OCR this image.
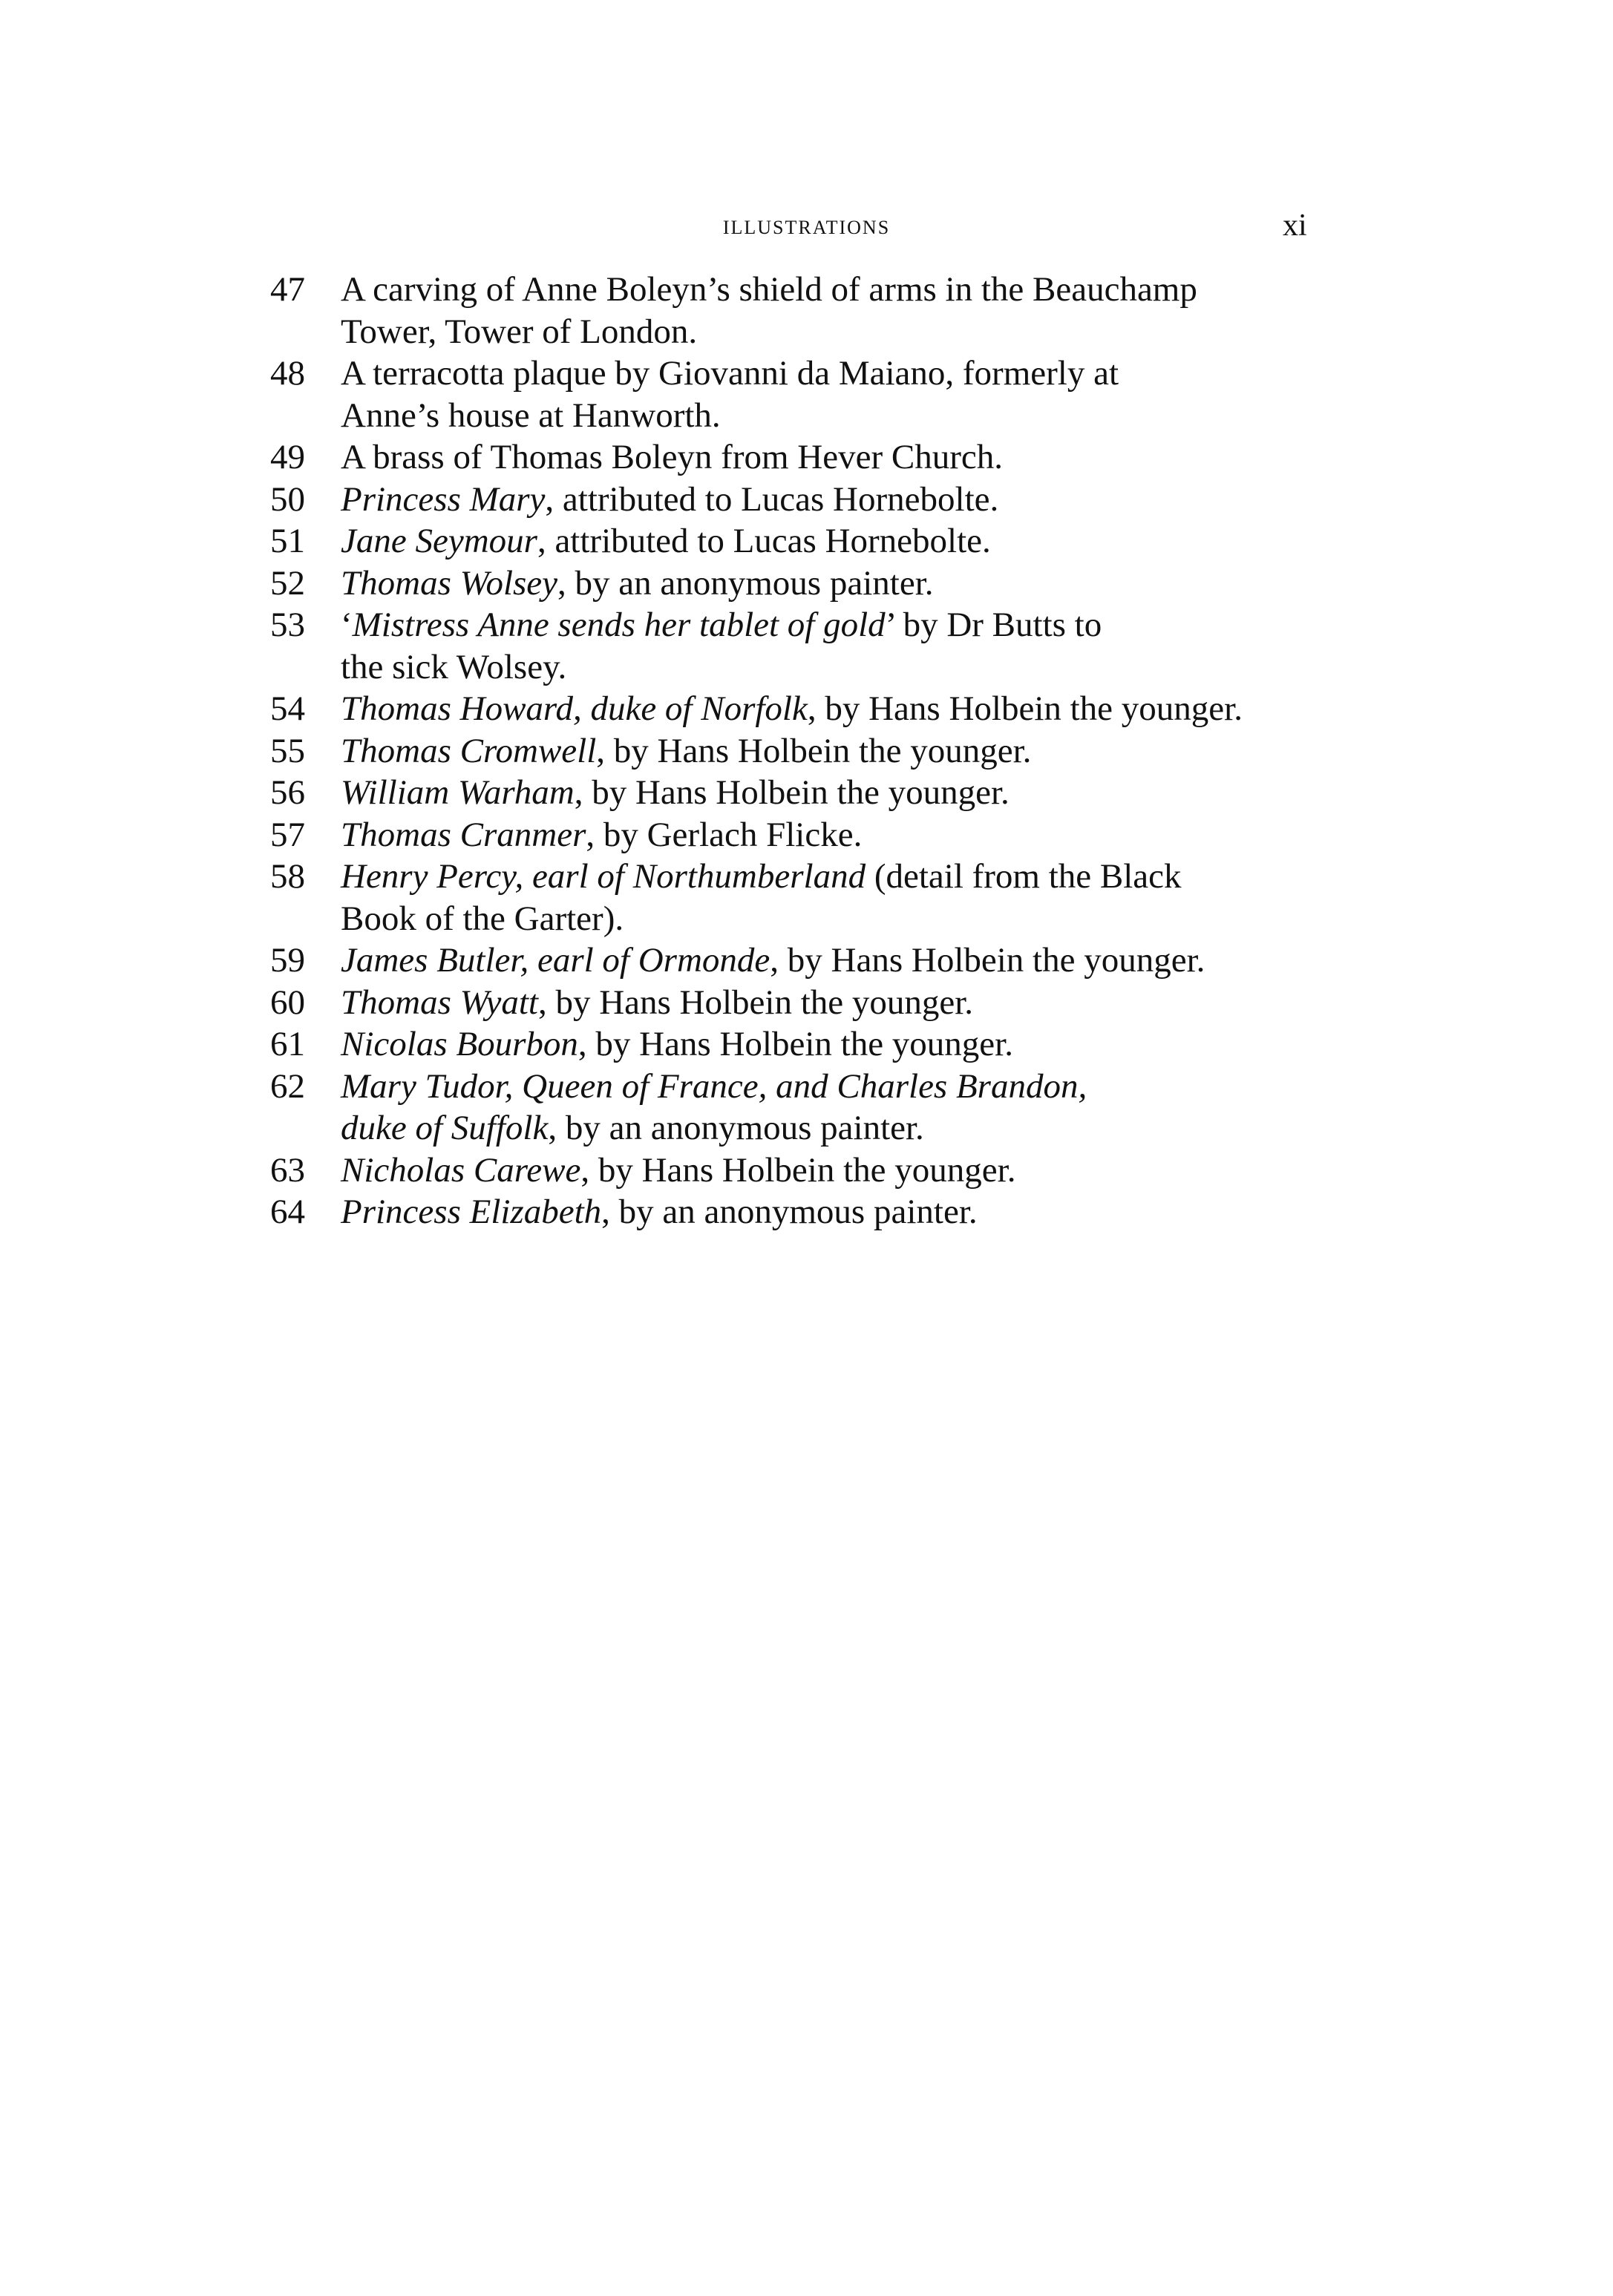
ILLUSTRATIONS	xi
47	A carving of Anne Boleyn’s shield of arms in the Beauchamp
Tower, Tower of London.
48	A terracotta plaque by Giovanni da Maiano, formerly at
Anne’s house at Hanworth.
49	A brass of Thomas Boleyn from Hever Church.
50	Princess Mary, attributed to Lucas Hornebolte.
51	Jane Seymour, attributed to Lucas Hornebolte.
52	Thomas Wolsey, by an anonymous painter.
53	‘Mistress Anne sends her tablet of gold’ by Dr Butts to
the sick Wolsey.
54	Thomas Howard, duke of Norfolk, by Hans Holbein the younger.
55	Thomas Cromwell, by Hans Holbein the younger.
56	William Warham, by Hans Holbein the younger.
57	Thomas Cranmer, by Gerlach Flicke.
58	Henry Percy, earl of Northumberland (detail from the Black
Book of the Garter).
59	James Butler, earl of Ormonde, by Hans Holbein the younger.
60	Thomas Wyatt, by Hans Holbein the younger.
61	Nicolas Bourbon, by Hans Holbein the younger.
62	Mary Tudor, Queen of France, and Charles Brandon,
duke of Suffolk, by an anonymous painter.
63	Nicholas Carewe, by Hans Holbein the younger.
64	Princess Elizabeth, by an anonymous painter.
